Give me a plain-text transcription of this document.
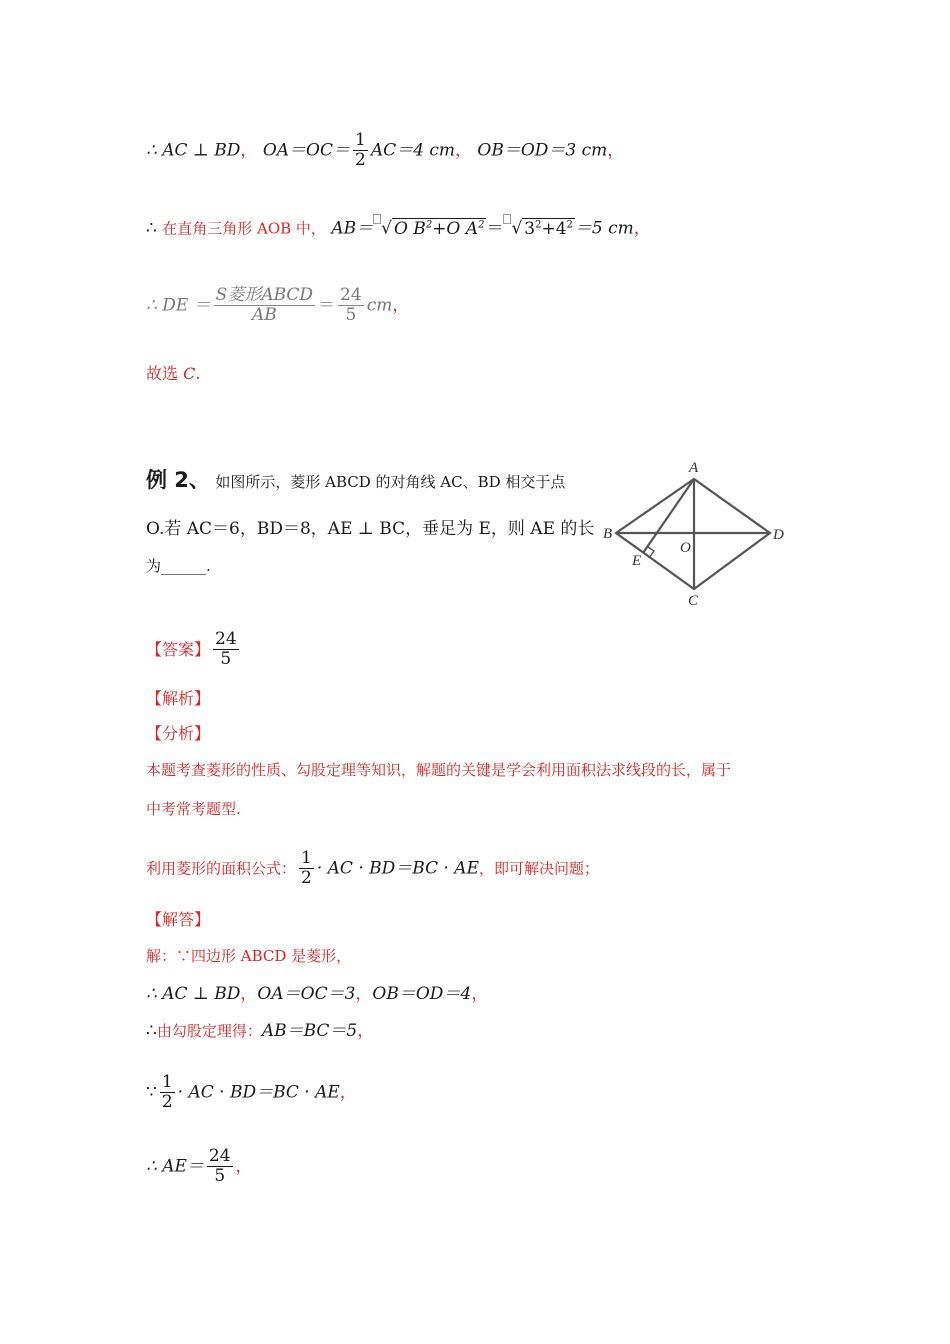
∴ AC ⊥ BD， $OA=OC= \frac{1}{2} AC=4$ cm， OB＝OD＝3 cm，
∴ 在直角三角形 AOB 中， AB＝ √ O $B^2+O$ $A^2$ ＝ √ $3^2+4^2 =5$ cm，
∴ DE ＝ $\frac{\text{S菱形ABCD}}{AB} = \frac{24}{5}$ cm，
故选 C.
例 2、 如图所示，菱形 ABCD 的对角线 AC、BD 相交于点
O.若 AC＝6，BD＝8，AE ⊥ BC，垂足为 E，则 AE 的长
为______.
A
B
C
D
E
O
【答案】 $\frac{24}{5}$
【解析】
【分析】
本题考查菱形的性质、勾股定理等知识，解题的关键是学会利用面积法求线段的长，属于
中考常考题型.
利用菱形的面积公式： $\frac{1}{2}$ · AC · BD＝BC · AE，即可解决问题；
【解答】
解：∵四边形 ABCD 是菱形，
∴ AC ⊥ BD，OA＝OC＝3，OB＝OD＝4，
∴由勾股定理得：AB＝BC＝5，
∵ $\frac{1}{2}$ · AC · BD＝BC · AE，
∴ $AE= \frac{24}{5}$ ，
